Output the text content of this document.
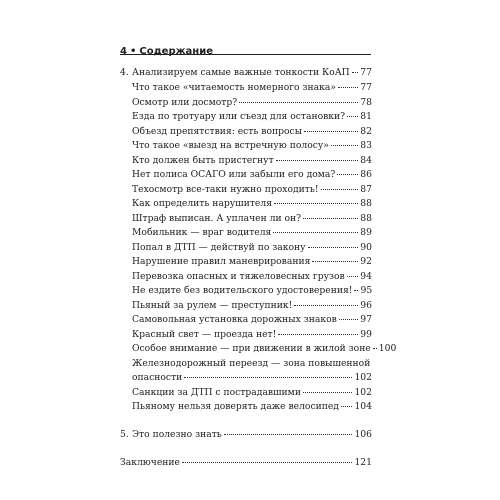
4 • Содержание
4. Анализируем самые важные тонкости КоАП 77
Что такое «читаемость номерного знака»	77
Осмотр или досмотр?	78
Езда по тротуару или съезд для остановки? 81
Объезд препятствия: есть вопросы	82
Что такое «выезд на встречную полосу»	83
Кто должен быть пристегнут	84
Нет полиса ОСАГО или забыли его дома?	86
Техосмотр все-таки нужно проходить!	87
Как определить нарушителя	88
Штраф выписан. А уплачен ли он?	88
Мобильник — враг водителя	89
Попал в ДТП — действуй по закону	90
Нарушение правил маневрирования	92
Перевозка опасных и тяжеловесных грузов 94
Не ездите без водительского удостоверения! 95
Пьяный за рулем — преступник!	96
Самовольная установка дорожных знаков	97
Красный свет — проезда нет!	99
Особое внимание — при движении в жилой зоне 100
Железнодорожный переезд — зона повышенной
опасности	102
Санкции за ДТП с пострадавшими	102
Пьяному нельзя доверять даже велосипед 104
5. Это полезно знать	106
Заключение	121
